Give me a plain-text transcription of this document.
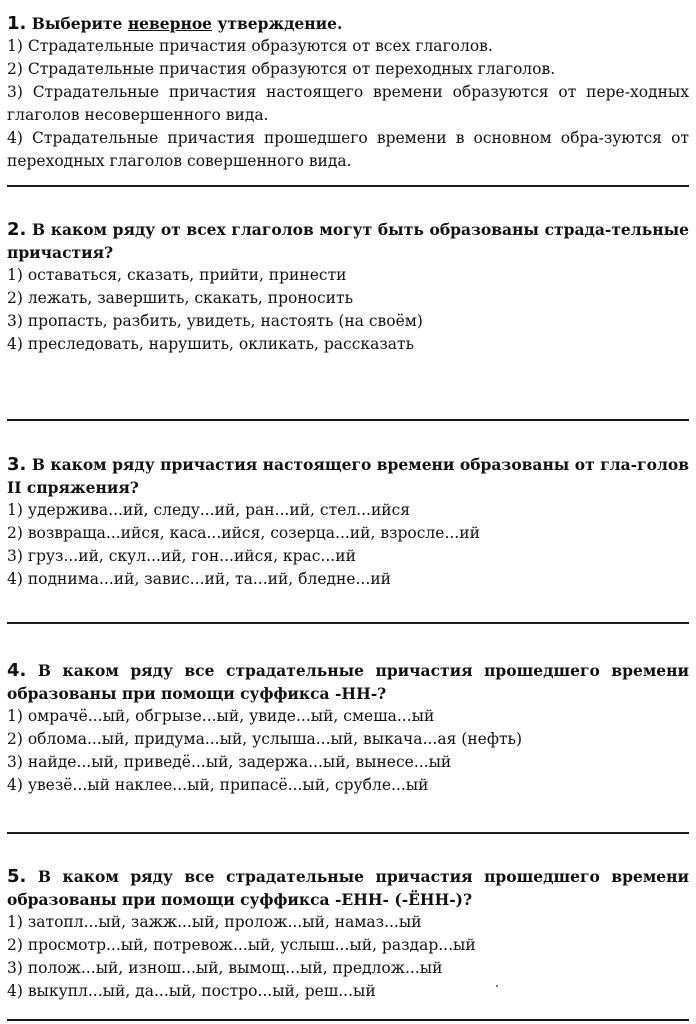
1. Выберите неверное утверждение.
1) Страдательные причастия образуются от всех глаголов.
2) Страдательные причастия образуются от переходных глаголов.
3) Страдательные причастия настоящего времени образуются от пере-ходных глаголов несовершенного вида.
4) Страдательные причастия прошедшего времени в основном обра-зуются от переходных глаголов совершенного вида.
2. В каком ряду от всех глаголов могут быть образованы страда-тельные причастия?
1) оставаться, сказать, прийти, принести
2) лежать, завершить, скакать, проносить
3) пропасть, разбить, увидеть, настоять (на своём)
4) преследовать, нарушить, окликать, рассказать
3. В каком ряду причастия настоящего времени образованы от гла-голов II спряжения?
1) удержива...ий, следу...ий, ран...ий, стел...ийся
2) возвраща...ийся, каса...ийся, созерца...ий, взросле...ий
3) груз...ий, скул...ий, гон...ийся, крас...ий
4) поднима...ий, завис...ий, та...ий, бледне...ий
4. В каком ряду все страдательные причастия прошедшего времени образованы при помощи суффикса -НН-?
1) омрачё...ый, обгрызе...ый, увиде...ый, смеша...ый
2) облома...ый, придума...ый, услыша...ый, выкача...ая (нефть)
3) найде...ый, приведё...ый, задержа...ый, вынесе...ый
4) увезё...ый наклее...ый, припасё...ый, срубле...ый
5. В каком ряду все страдательные причастия прошедшего времени образованы при помощи суффикса -ЕНН- (-ЁНН-)?
1) затопл...ый, зажж...ый, пролож...ый, намаз...ый
2) просмотр...ый, потревож...ый, услыш...ый, раздар...ый
3) полож...ый, изнош...ый, вымощ...ый, предлож...ый
4) выкупл...ый, да...ый, постро...ый, реш...ый
